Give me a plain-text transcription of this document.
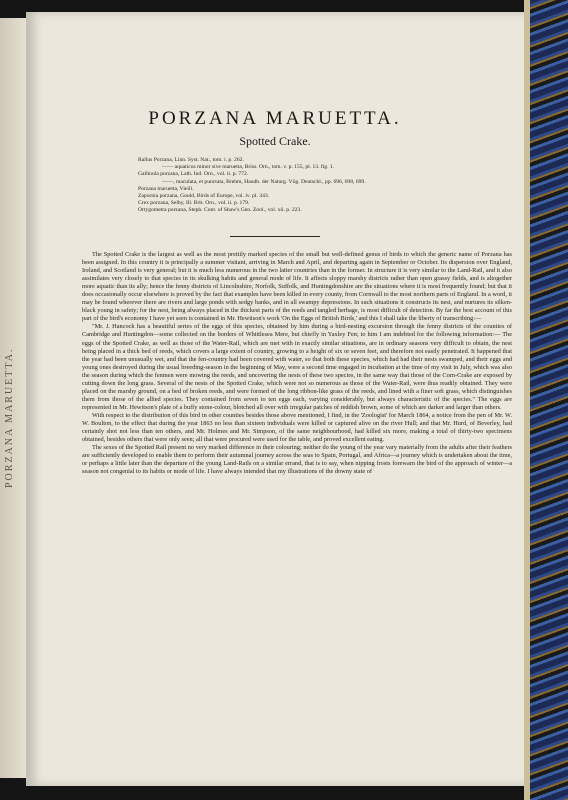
PORZANA MARUETTA.
PORZANA MARUETTA.
Spotted Crake.
Rallus Porzana, Linn. Syst. Nat., tom. i. p. 262.
—— aquaticus minor sive maruetta, Briss. Orn., tom. v. p. 155, pl. 13. fig. 1.
Gallinula porzana, Lath. Ind. Orn., vol. ii. p. 772.
——, maculata, et punctata, Brehm, Handb. der Naturg. Vög. Deutschl., pp. 696, 698, 699.
Porzana maruetta, Vieill.
Zapornia porzana, Gould, Birds of Europe, vol. iv. pl. 343.
Crex porzana, Selby, Ill. Brit. Orn., vol. ii. p. 179.
Ortygometra porzana, Steph. Cont. of Shaw's Gen. Zool., vol. xii. p. 223.

The Spotted Crake is the largest as well as the most prettily marked species of the small but well-defined genus of birds to which the generic name of Porzana has been assigned. In this country it is principally a summer visitant, arriving in March and April, and departing again in September or October. Its dispersion over England, Ireland, and Scotland is very general; but it is much less numerous in the two latter countries than in the former. In structure it is very similar to the Land-Rail, and it also assimilates very closely to that species in its skulking habits and general mode of life. It affects sloppy marshy districts rather than open grassy fields, and is altogether more aquatic than its ally; hence the fenny districts of Lincolnshire, Norfolk, Suffolk, and Huntingdonshire are the situations where it is most frequently found; but that it does occasionally occur elsewhere is proved by the fact that examples have been killed in every county, from Cornwall to the most northern parts of England. In a word, it may be found wherever there are rivers and large ponds with sedgy banks, and in all swampy depressions. In such situations it constructs its nest, and nurtures its silken-black young in safety; for the nest, being always placed in the thickest parts of the reeds and tangled herbage, is most difficult of detection. By far the best account of this part of the bird's economy I have yet seen is contained in Mr. Hewitson's work 'On the Eggs of British Birds,' and this I shall take the liberty of transcribing:—

"Mr. J. Hancock has a beautiful series of the eggs of this species, obtained by him during a bird-nesting excursion through the fenny districts of the counties of Cambridge and Huntingdon—some collected on the borders of Whittlesea Mere, but chiefly in Yaxley Fen; to him I am indebted for the following information:— The eggs of the Spotted Crake, as well as those of the Water-Rail, which are met with in exactly similar situations, are in ordinary seasons very difficult to obtain, the nest being placed in a thick bed of reeds, which covers a large extent of country, growing to a height of six or seven feet, and therefore not easily penetrated. It happened that the year had been unusually wet, and that the fen-country had been covered with water, so that both these species, which had had their nests swamped, and their eggs and young ones destroyed during the usual breeding-season in the beginning of May, were a second time engaged in incubation at the time of my visit in July, which was also the season during which the fenmen were mowing the reeds, and uncovering the nests of these two species, in the same way that those of the Corn-Crake are exposed by cutting down the long grass. Several of the nests of the Spotted Crake, which were not so numerous as those of the Water-Rail, were thus readily obtained. They were placed on the marshy ground, on a bed of broken reeds, and were formed of the long ribbon-like grass of the reeds, and lined with a finer soft grass, which distinguishes them from those of the allied species. They contained from seven to ten eggs each, varying considerably, but always characteristic of the species." The eggs are represented in Mr. Hewitson's plate of a buffy stone-colour, blotched all over with irregular patches of reddish brown, some of which are darker and larger than others.

With respect to the distribution of this bird in other counties besides those above mentioned, I find, in the 'Zoologist' for March 1864, a notice from the pen of Mr. W. W. Boulton, to the effect that during the year 1863 no less than sixteen individuals were killed or captured alive on the river Hull; and that Mr. Hurd, of Beverley, had certainly shot not less than ten others, and Mr. Holmes and Mr. Simpson, of the same neighbourhood, had killed six more, making a total of thirty-two specimens obtained, besides others that were only seen; all that were procured were used for the table, and proved excellent eating.

The sexes of the Spotted Rail present no very marked difference in their colouring; neither do the young of the year vary materially from the adults after their feathers are sufficiently developed to enable them to perform their autumnal journey across the seas to Spain, Portugal, and Africa—a journey which is undertaken about the time, or perhaps a little later than the departure of the young Land-Rails on a similar errand, that is to say, when nipping frosts forewarn the bird of the approach of winter—a season not congenial to its habits or mode of life. I have always intended that my illustrations of the downy state of
